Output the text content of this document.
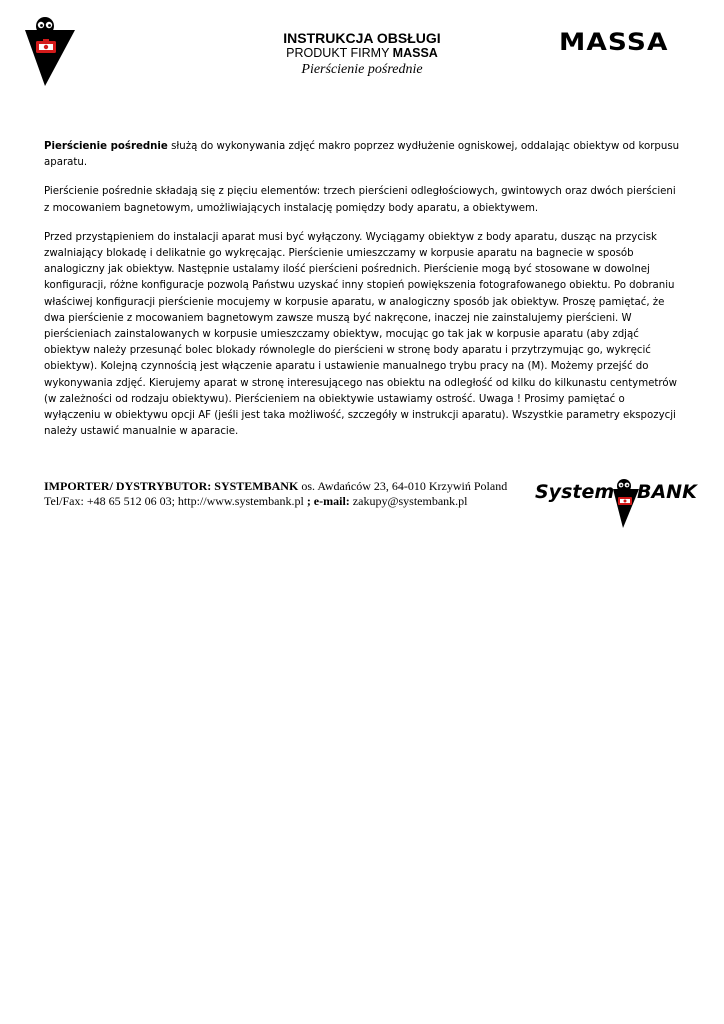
INSTRUKCJA OBSŁUGI
PRODUKT FIRMY MASSA
Pierścienie pośrednie
MASSA

Pierścienie pośrednie służą do wykonywania zdjęć makro poprzez wydłużenie ogniskowej, oddalając obiektyw od korpusu aparatu.

Pierścienie pośrednie składają się z pięciu elementów: trzech pierścieni odległościowych, gwintowych oraz dwóch pierścieni z mocowaniem bagnetowym, umożliwiających instalację pomiędzy body aparatu, a obiektywem.

Przed przystąpieniem do instalacji aparat musi być wyłączony. Wyciągamy obiektyw z body aparatu, dusząc na przycisk zwalniający blokadę i delikatnie go wykręcając. Pierścienie umieszczamy w korpusie aparatu na bagnecie w sposób analogiczny jak obiektyw. Następnie ustalamy ilość pierścieni pośrednich. Pierścienie mogą być stosowane w dowolnej konfiguracji, różne konfiguracje pozwolą Państwu uzyskać inny stopień powiększenia fotografowanego obiektu. Po dobraniu właściwej konfiguracji pierścienie mocujemy w korpusie aparatu, w analogiczny sposób jak obiektyw. Proszę pamiętać, że dwa pierścienie z mocowaniem bagnetowym zawsze muszą być nakręcone, inaczej nie zainstalujemy pierścieni. W pierścieniach zainstalowanych w korpusie umieszczamy obiektyw, mocując go tak jak w korpusie aparatu (aby zdjąć obiektyw należy przesunąć bolec blokady równolegle do pierścieni w stronę body aparatu i przytrzymując go, wykręcić obiektyw). Kolejną czynnością jest włączenie aparatu i ustawienie manualnego trybu pracy na (M). Możemy przejść do wykonywania zdjęć. Kierujemy aparat w stronę interesującego nas obiektu na odległość od kilku do kilkunastu centymetrów (w zależności od rodzaju obiektywu). Pierścieniem na obiektywie ustawiamy ostrość. Uwaga ! Prosimy pamiętać o wyłączeniu w obiektywu opcji AF (jeśli jest taka możliwość, szczegóły w instrukcji aparatu). Wszystkie parametry ekspozycji należy ustawić manualnie w aparacie.

IMPORTER/ DYSTRYBUTOR: SYSTEMBANK os. Awdańców 23, 64-010 Krzywiń Poland
Tel/Fax: +48 65 512 06 03; http://www.systembank.pl ; e-mail: zakupy@systembank.pl	System BANK
